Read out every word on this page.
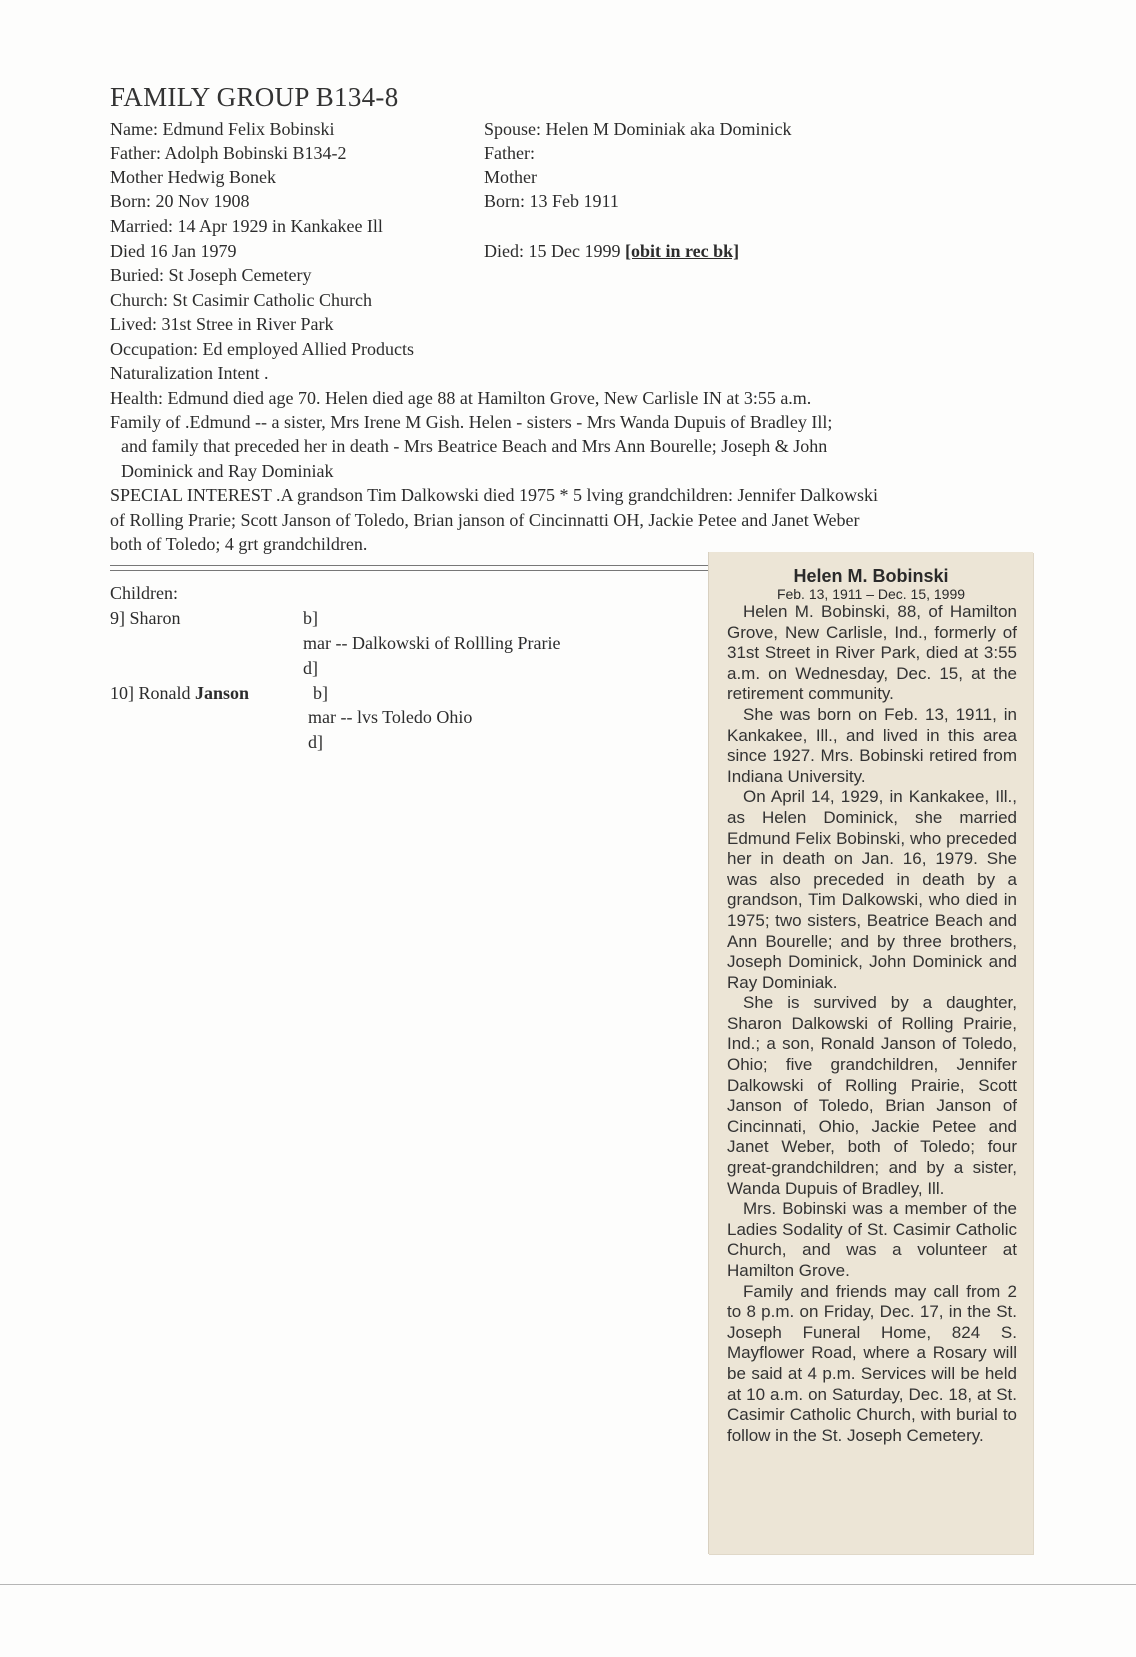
FAMILY GROUP B134-8
Name: Edmund Felix Bobinski
Father: Adolph Bobinski B134-2
Mother Hedwig Bonek
Born: 20 Nov 1908
Married: 14 Apr 1929 in Kankakee Ill
Died 16 Jan 1979
Buried: St Joseph Cemetery
Church: St Casimir Catholic Church
Lived: 31st Stree in River Park
Occupation: Ed employed Allied Products
Naturalization Intent .
Spouse: Helen M Dominiak aka Dominick
Father:
Mother
Born: 13 Feb 1911
Died: 15 Dec 1999 [obit in rec bk]
Health: Edmund died age 70. Helen died age 88 at Hamilton Grove, New Carlisle IN at 3:55 a.m.
Family of .Edmund -- a sister, Mrs Irene M Gish. Helen - sisters - Mrs Wanda Dupuis of Bradley Ill;
and family that preceded her in death - Mrs Beatrice Beach and Mrs Ann Bourelle; Joseph & John
Dominick and Ray Dominiak
SPECIAL INTEREST .A grandson Tim Dalkowski died 1975 * 5 lving grandchildren: Jennifer Dalkowski
of Rolling Prarie; Scott Janson of Toledo, Brian janson of Cincinnatti OH, Jackie Petee and Janet Weber
both of Toledo; 4 grt grandchildren.
Children:
9] Sharon	b]
mar -- Dalkowski of Rollling Prarie
d]
10] Ronald Janson	b]
mar -- lvs Toledo Ohio
d]
Helen M. Bobinski
Feb. 13, 1911 – Dec. 15, 1999

Helen M. Bobinski, 88, of Hamilton Grove, New Carlisle, Ind., formerly of 31st Street in River Park, died at 3:55 a.m. on Wednesday, Dec. 15, at the retirement community.

She was born on Feb. 13, 1911, in Kankakee, Ill., and lived in this area since 1927. Mrs. Bobinski retired from Indiana University.

On April 14, 1929, in Kankakee, Ill., as Helen Dominick, she married Edmund Felix Bobinski, who preceded her in death on Jan. 16, 1979. She was also preceded in death by a grandson, Tim Dalkowski, who died in 1975; two sisters, Beatrice Beach and Ann Bourelle; and by three brothers, Joseph Dominick, John Dominick and Ray Dominiak.

She is survived by a daughter, Sharon Dalkowski of Rolling Prairie, Ind.; a son, Ronald Janson of Toledo, Ohio; five grandchildren, Jennifer Dalkowski of Rolling Prairie, Scott Janson of Toledo, Brian Janson of Cincinnati, Ohio, Jackie Petee and Janet Weber, both of Toledo; four great-grandchildren; and by a sister, Wanda Dupuis of Bradley, Ill.

Mrs. Bobinski was a member of the Ladies Sodality of St. Casimir Catholic Church, and was a volunteer at Hamilton Grove.

Family and friends may call from 2 to 8 p.m. on Friday, Dec. 17, in the St. Joseph Funeral Home, 824 S. Mayflower Road, where a Rosary will be said at 4 p.m. Services will be held at 10 a.m. on Saturday, Dec. 18, at St. Casimir Catholic Church, with burial to follow in the St. Joseph Cemetery.
